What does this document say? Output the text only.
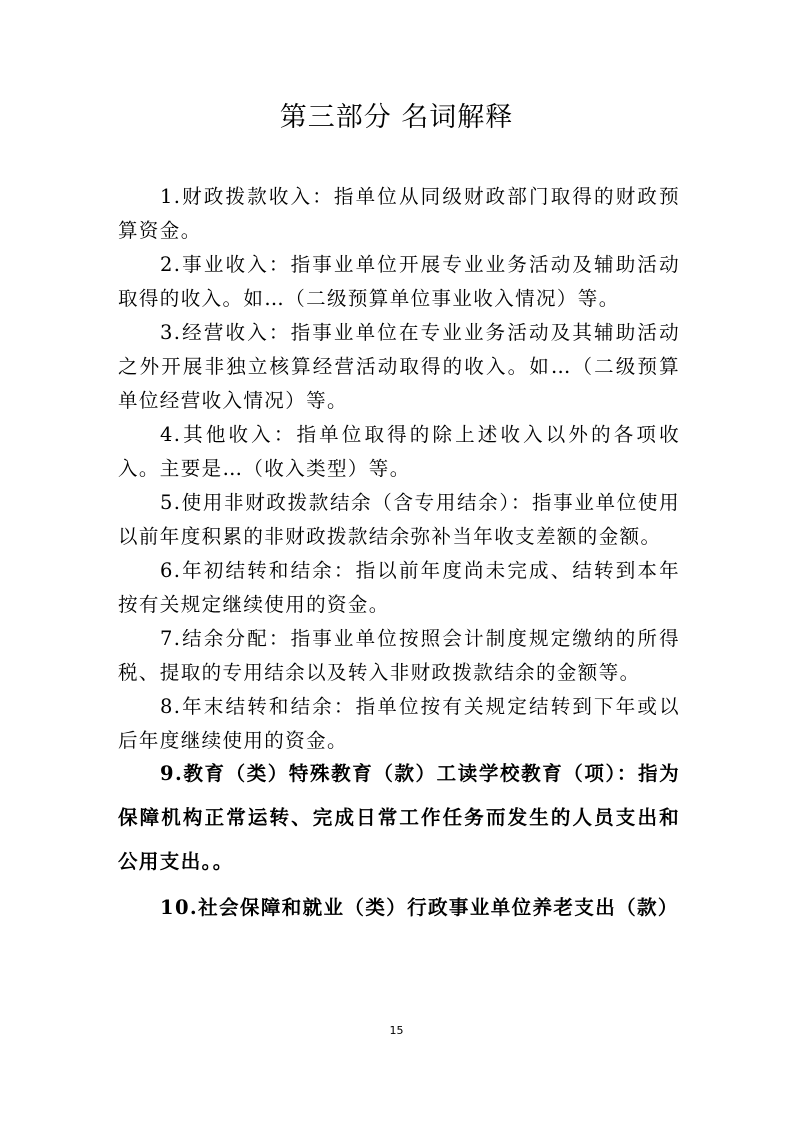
第三部分 名词解释

1.财政拨款收入：指单位从同级财政部门取得的财政预算资金。

2.事业收入：指事业单位开展专业业务活动及辅助活动取得的收入。如…（二级预算单位事业收入情况）等。

3.经营收入：指事业单位在专业业务活动及其辅助活动之外开展非独立核算经营活动取得的收入。如…（二级预算单位经营收入情况）等。

4.其他收入：指单位取得的除上述收入以外的各项收入。主要是…（收入类型）等。

5.使用非财政拨款结余（含专用结余）：指事业单位使用以前年度积累的非财政拨款结余弥补当年收支差额的金额。

6.年初结转和结余：指以前年度尚未完成、结转到本年按有关规定继续使用的资金。

7.结余分配：指事业单位按照会计制度规定缴纳的所得税、提取的专用结余以及转入非财政拨款结余的金额等。

8.年末结转和结余：指单位按有关规定结转到下年或以后年度继续使用的资金。

9.教育（类）特殊教育（款）工读学校教育（项）：指为保障机构正常运转、完成日常工作任务而发生的人员支出和公用支出。。

10.社会保障和就业（类）行政事业单位养老支出（款）

15
